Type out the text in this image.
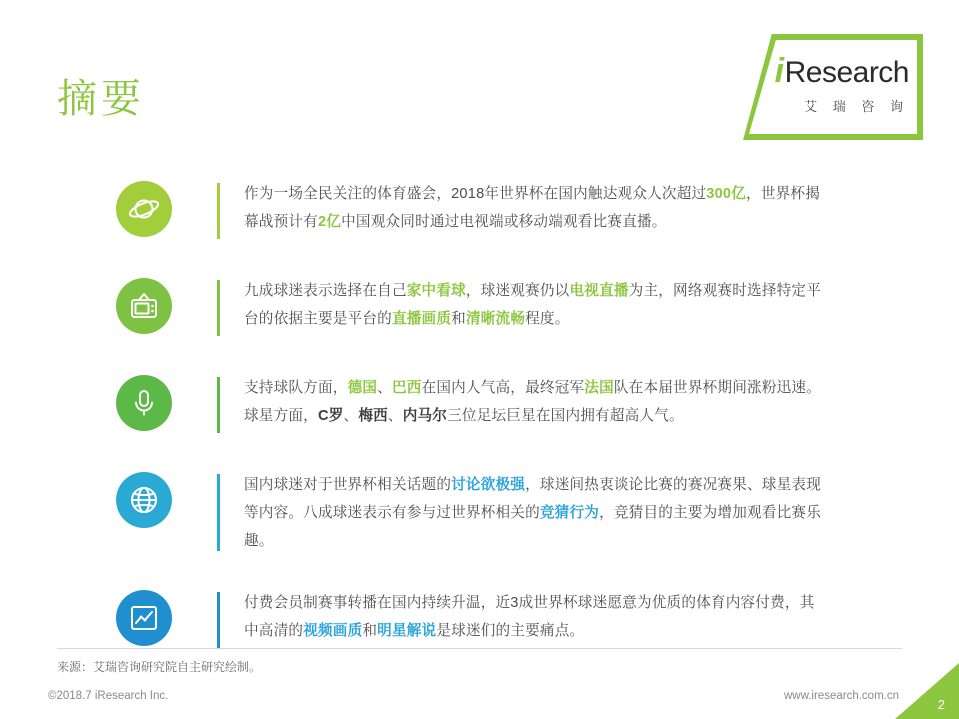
摘要
iResearch
艾 瑞 咨 询
作为一场全民关注的体育盛会，2018年世界杯在国内触达观众人次超过300亿，世界杯揭幕战预计有2亿中国观众同时通过电视端或移动端观看比赛直播。
九成球迷表示选择在自己家中看球，球迷观赛仍以电视直播为主，网络观赛时选择特定平台的依据主要是平台的直播画质和清晰流畅程度。
支持球队方面，德国、巴西在国内人气高，最终冠军法国队在本届世界杯期间涨粉迅速。球星方面，C罗、梅西、内马尔三位足坛巨星在国内拥有超高人气。
国内球迷对于世界杯相关话题的讨论欲极强，球迷间热衷谈论比赛的赛况赛果、球星表现等内容。八成球迷表示有参与过世界杯相关的竞猜行为，竞猜目的主要为增加观看比赛乐趣。
付费会员制赛事转播在国内持续升温，近3成世界杯球迷愿意为优质的体育内容付费，其中高清的视频画质和明星解说是球迷们的主要痛点。
来源：艾瑞咨询研究院自主研究绘制。
©2018.7 iResearch Inc.	www.iresearch.com.cn
2
